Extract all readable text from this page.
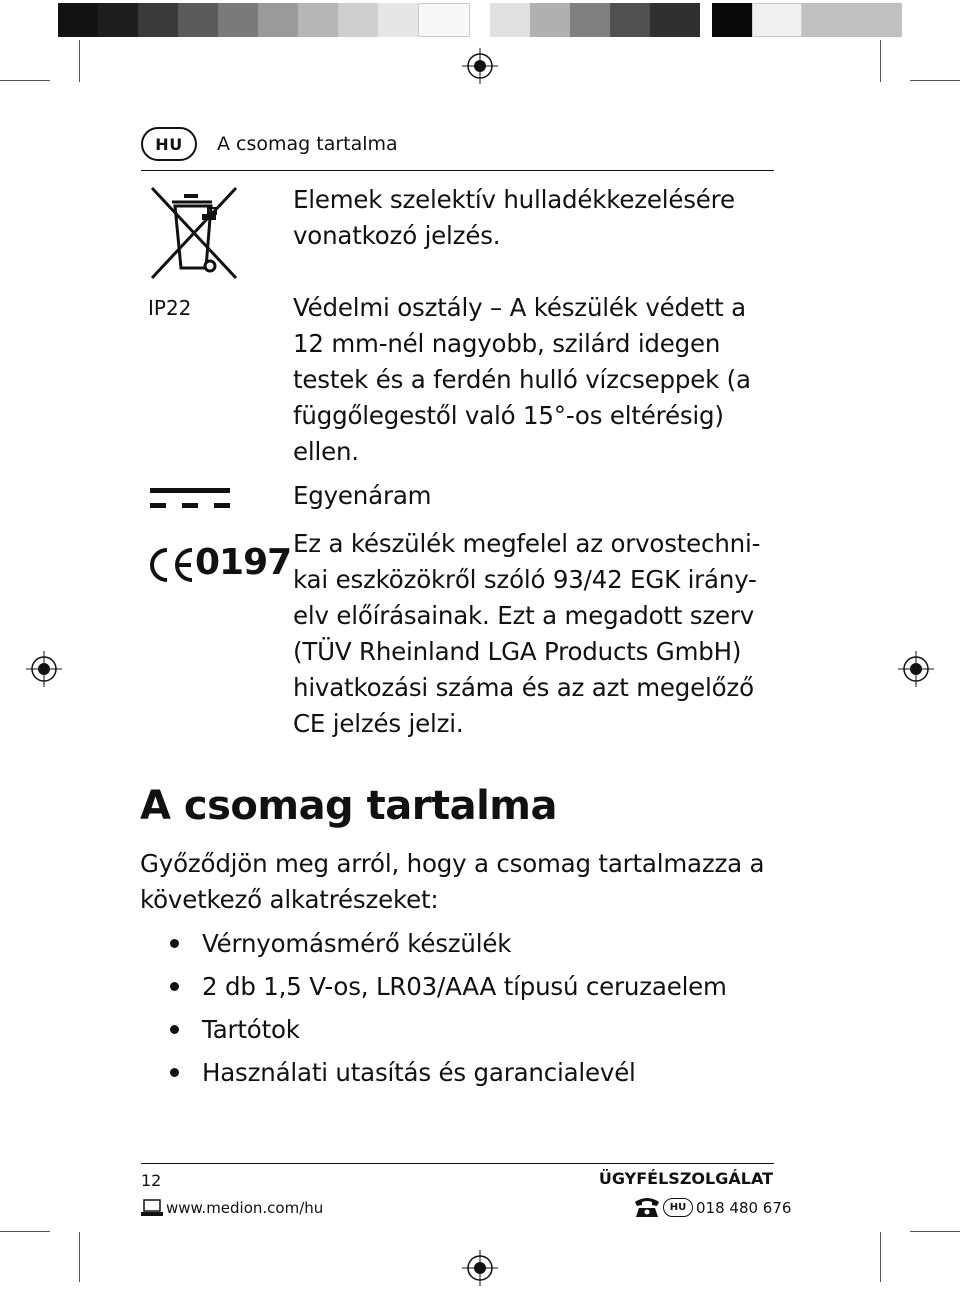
HU	A csomag tartalma
Elemek szelektív hulladékkezelésére vonatkozó jelzés.
IP22	Védelmi osztály – A készülék védett a 12 mm-nél nagyobb, szilárd idegen testek és a ferdén hulló vízcseppek (a függőlegestől való 15°-os eltérésig) ellen.
Egyenáram
0197 Ez a készülék megfelel az orvostechni-kai eszközökről szóló 93/42 EGK irány-elv előírásainak. Ezt a megadott szerv (TÜV Rheinland LGA Products GmbH) hivatkozási száma és az azt megelőző CE jelzés jelzi.
A csomag tartalma
Győződjön meg arról, hogy a csomag tartalmazza a következő alkatrészeket:
Vérnyomásmérő készülék
2 db 1,5 V-os, LR03/AAA típusú ceruzaelem
Tartótok
Használati utasítás és garancialevél
12	ÜGYFÉLSZOLGÁLAT
www.medion.com/hu	HU 018 480 676
